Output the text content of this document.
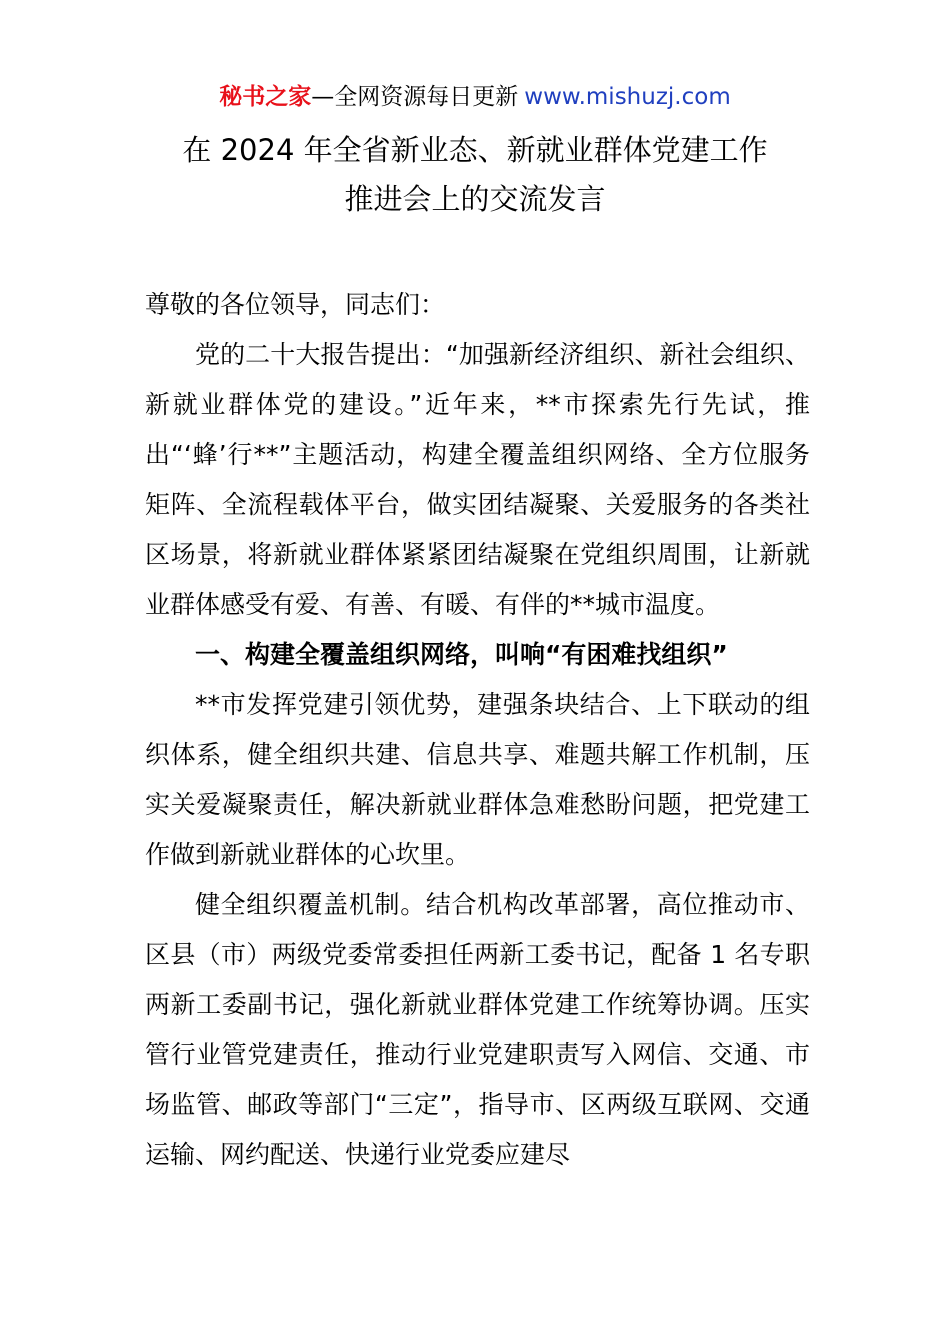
秘书之家—全网资源每日更新 www.mishuzj.com
在 2024 年全省新业态、新就业群体党建工作
推进会上的交流发言

尊敬的各位领导，同志们：

党的二十大报告提出：“加强新经济组织、新社会组织、新就业群体党的建设。”近年来，**市探索先行先试，推出“‘蜂’行**”主题活动，构建全覆盖组织网络、全方位服务矩阵、全流程载体平台，做实团结凝聚、关爱服务的各类社区场景，将新就业群体紧紧团结凝聚在党组织周围，让新就业群体感受有爱、有善、有暖、有伴的**城市温度。

一、构建全覆盖组织网络，叫响“有困难找组织”

**市发挥党建引领优势，建强条块结合、上下联动的组织体系，健全组织共建、信息共享、难题共解工作机制，压实关爱凝聚责任，解决新就业群体急难愁盼问题，把党建工作做到新就业群体的心坎里。

健全组织覆盖机制。结合机构改革部署，高位推动市、区县（市）两级党委常委担任两新工委书记，配备 1 名专职两新工委副书记，强化新就业群体党建工作统筹协调。压实管行业管党建责任，推动行业党建职责写入网信、交通、市场监管、邮政等部门“三定”，指导市、区两级互联网、交通运输、网约配送、快递行业党委应建尽
